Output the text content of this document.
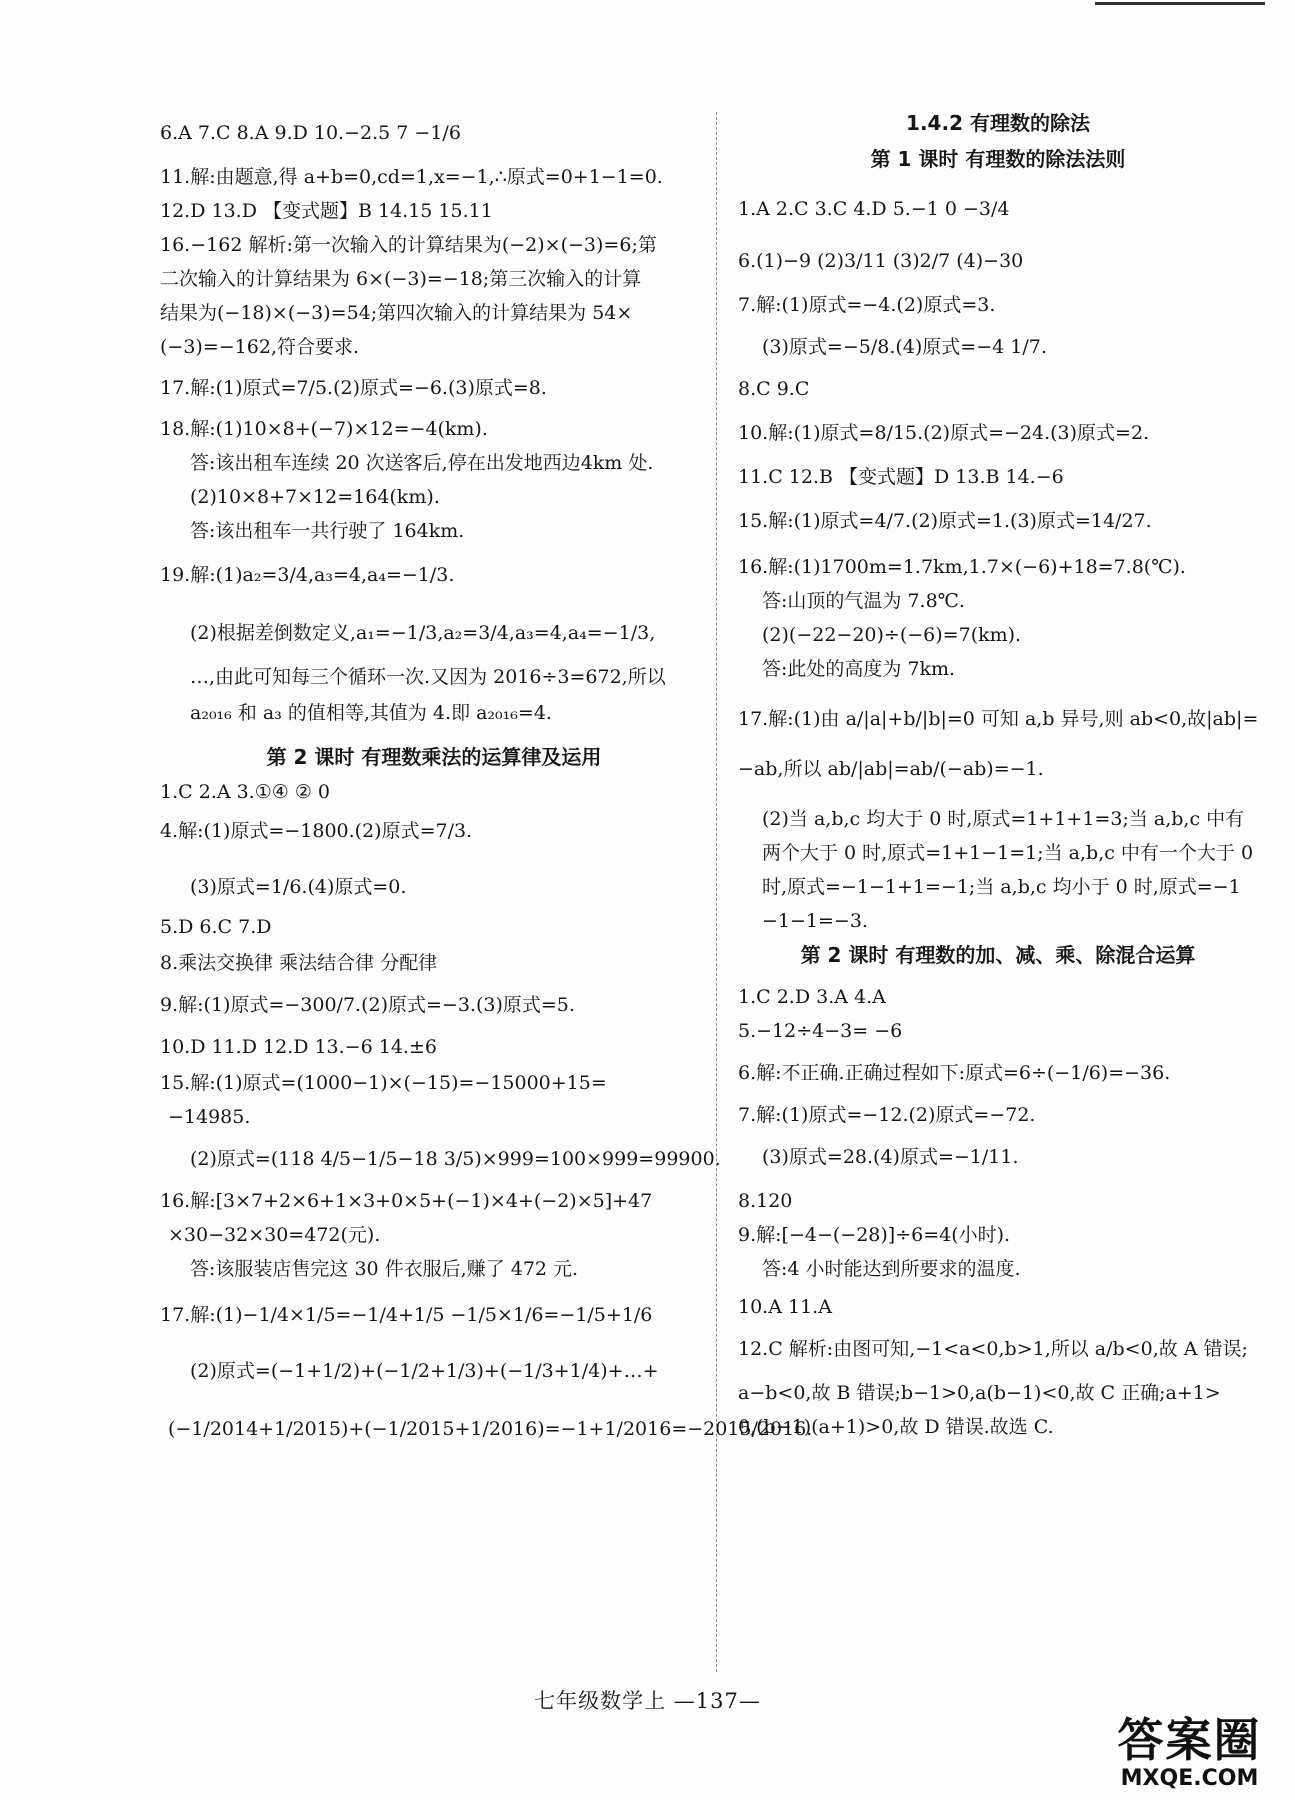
6.A 7.C 8.A 9.D 10.−2.5 7 −1/6
11.解:由题意,得 a+b=0,cd=1,x=−1,∴原式=0+1−1=0.
12.D 13.D 【变式题】B 14.15 15.11
16.−162 解析:第一次输入的计算结果为(−2)×(−3)=6;第
二次输入的计算结果为 6×(−3)=−18;第三次输入的计算
结果为(−18)×(−3)=54;第四次输入的计算结果为 54×
(−3)=−162,符合要求.
17.解:(1)原式=7/5.(2)原式=−6.(3)原式=8.
18.解:(1)10×8+(−7)×12=−4(km).
答:该出租车连续 20 次送客后,停在出发地西边4km 处.
(2)10×8+7×12=164(km).
答:该出租车一共行驶了 164km.
19.解:(1)a₂=3/4,a₃=4,a₄=−1/3.
(2)根据差倒数定义,a₁=−1/3,a₂=3/4,a₃=4,a₄=−1/3,
…,由此可知每三个循环一次.又因为 2016÷3=672,所以
a₂₀₁₆ 和 a₃ 的值相等,其值为 4.即 a₂₀₁₆=4.
1.C 2.A 3.①④ ② 0
4.解:(1)原式=−1800.(2)原式=7/3.
(3)原式=1/6.(4)原式=0.
5.D 6.C 7.D
8.乘法交换律 乘法结合律 分配律
9.解:(1)原式=−300/7.(2)原式=−3.(3)原式=5.
10.D 11.D 12.D 13.−6 14.±6
15.解:(1)原式=(1000−1)×(−15)=−15000+15=
−14985.
(2)原式=(118 4/5−1/5−18 3/5)×999=100×999=99900.
16.解:[3×7+2×6+1×3+0×5+(−1)×4+(−2)×5]+47
×30−32×30=472(元).
答:该服装店售完这 30 件衣服后,赚了 472 元.
17.解:(1)−1/4×1/5=−1/4+1/5 −1/5×1/6=−1/5+1/6
(2)原式=(−1+1/2)+(−1/2+1/3)+(−1/3+1/4)+…+
(−1/2014+1/2015)+(−1/2015+1/2016)=−1+1/2016=−2015/2016.
第 2 课时 有理数乘法的运算律及运用
1.A 2.C 3.C 4.D 5.−1 0 −3/4
6.(1)−9 (2)3/11 (3)2/7 (4)−30
7.解:(1)原式=−4.(2)原式=3.
(3)原式=−5/8.(4)原式=−4 1/7.
8.C 9.C
10.解:(1)原式=8/15.(2)原式=−24.(3)原式=2.
11.C 12.B 【变式题】D 13.B 14.−6
15.解:(1)原式=4/7.(2)原式=1.(3)原式=14/27.
16.解:(1)1700m=1.7km,1.7×(−6)+18=7.8(℃).
答:山顶的气温为 7.8℃.
(2)(−22−20)÷(−6)=7(km).
答:此处的高度为 7km.
17.解:(1)由 a/|a|+b/|b|=0 可知 a,b 异号,则 ab<0,故|ab|=
−ab,所以 ab/|ab|=ab/(−ab)=−1.
(2)当 a,b,c 均大于 0 时,原式=1+1+1=3;当 a,b,c 中有
两个大于 0 时,原式=1+1−1=1;当 a,b,c 中有一个大于 0
时,原式=−1−1+1=−1;当 a,b,c 均小于 0 时,原式=−1
−1−1=−3.
1.C 2.D 3.A 4.A
5.−12÷4−3= −6
6.解:不正确.正确过程如下:原式=6÷(−1/6)=−36.
7.解:(1)原式=−12.(2)原式=−72.
(3)原式=28.(4)原式=−1/11.
8.120
9.解:[−4−(−28)]÷6=4(小时).
答:4 小时能达到所要求的温度.
10.A 11.A
12.C 解析:由图可知,−1<a<0,b>1,所以 a/b<0,故 A 错误;
a−b<0,故 B 错误;b−1>0,a(b−1)<0,故 C 正确;a+1>
0,(b−1)(a+1)>0,故 D 错误.故选 C.
1.4.2 有理数的除法
第 1 课时 有理数的除法法则
第 2 课时 有理数的加、减、乘、除混合运算
七年级数学上 —137—
答案圈
MXQE.COM
